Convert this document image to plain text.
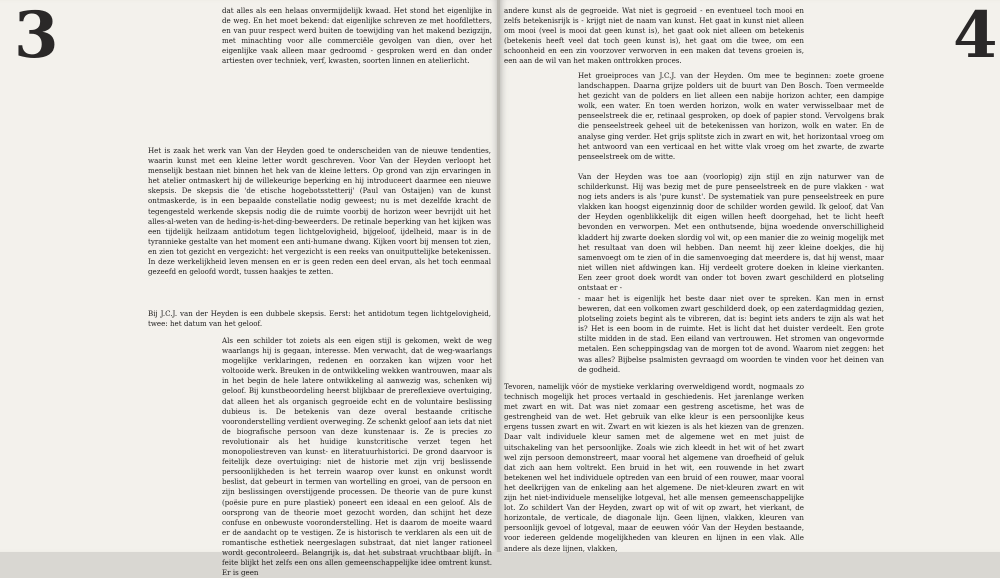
3	dat alles als een helaas onvermijdelijk kwaad. Het stond het eigenlijke in de weg. En het moet bekend: dat eigenlijke schreven ze met hoofdletters, en van puur respect werd buiten de toewijding van het makend bezigzijn, met minachting voor alle commerciële gevolgen van dien, over het eigenlijke vaak alleen maar gedroomd - gesproken werd en dan onder artiesten over techniek, verf, kwasten, soorten linnen en atelierlicht.

Het is zaak het werk van Van der Heyden goed te onderscheiden van de nieuwe tendenties, waarin kunst met een kleine letter wordt geschreven. Voor Van der Heyden verloopt het menselijk bestaan niet binnen het hek van de kleine letters. Op grond van zijn ervaringen in het atelier ontmaskert hij de willekeurige beperking en hij introduceert daarmee een nieuwe skepsis. De skepsis die 'de etische hogebotsstetterij' (Paul van Ostaijen) van de kunst ontmaskerde, is in een bepaalde constellatie nodig geweest; nu is met dezelfde kracht de tegengesteld werkende skepsis nodig die de ruimte voorbij de horizon weer bevrijdt uit het alles-al-weten van de heding-is-het-ding-beweerders. De retinale beperking van het kijken was een tijdelijk heilzaam antidotum tegen lichtgelovigheid, bijgeloof, ijdelheid, maar is in de tyrannieke gestalte van het moment een anti-humane dwang. Kijken voort bij mensen tot zien, en zien tot gezicht en vergezicht: het vergezicht is een reeks van onuitputtelijke betekenissen. In deze werkelijkheid leven mensen en er is geen reden een deel ervan, als het toch eenmaal gezeefd en geloofd wordt, tussen haakjes te zetten.

Bij J.C.J. van der Heyden is een dubbele skepsis. Eerst: het antidotum tegen lichtgelovigheid, twee: het datum van het geloof.

Als een schilder tot zoiets als een eigen stijl is gekomen, wekt de weg waarlangs hij is gegaan, interesse. Men verwacht, dat de weg-waarlangs mogelijke verklaringen, redenen en oorzaken kan wijzen voor het voltooide werk. Breuken in de ontwikkeling wekken wantrouwen, maar als in het begin de hele latere ontwikkeling al aanwezig was, schenken wij geloof. Bij kunstbeoordeling heerst blijkbaar de prereflexieve overtuiging, dat alleen het als organisch gegroeide echt en de voluntaire beslissing dubieus is. De betekenis van deze overal bestaande critische vooronderstelling verdient overweging. Ze schenkt geloof aan iets dat niet de biografische persoon van deze kunstenaar is. Ze is precies zo revolutionair als het huidige kunstcritische verzet tegen het monopoliestreven van kunst- en literatuurhistorici. De grond daarvoor is feitelijk deze overtuiging: niet de historie met zijn vrij beslissende persoonlijkheden is het terrein waarop over kunst en onkunst wordt beslist, dat gebeurt in termen van wortelling en groei, van de persoon en zijn beslissingen overstijgende processen. De theorie van de pure kunst (poësie pure en pure plastiek) poneert een ideaal en een geloof. Als de oorsprong van de theorie moet gezocht worden, dan schijnt het deze confuse en onbewuste vooronderstelling. Het is daarom de moeite waard er de aandacht op te vestigen. Ze is historisch te verklaren als een uit de romantische esthetiek neergeslagen substraat, dat niet langer rationeel wordt gecontroleerd. Belangrijk is, dat het substraat vruchtbaar blijft. In feite blijkt het zelfs een ons allen gemeenschappelijke idee omtrent kunst. Er is geen

4

andere kunst als de gegroeide. Wat niet is gegroeid - en eventueel toch mooi en zelfs betekenisrijk is - krijgt niet de naam van kunst. Het gaat in kunst niet alleen om mooi (veel is mooi dat geen kunst is), het gaat ook niet alleen om betekenis (betekenis heeft veel dat toch geen kunst is), het gaat om die twee, om een schoonheid en een zin voorzover verworven in een maken dat tevens groeien is, een aan de wil van het maken onttrokken proces.

Het groeiproces van J.C.J. van der Heyden. Om mee te beginnen: zoete groene landschappen. Daarna grijze polders uit de buurt van Den Bosch. Toen vermeelde het gezicht van de polders en liet alleen een nabije horizon achter, een dampige wolk, een water. En toen werden horizon, wolk en water verwisselbaar met de penseelstreek die er, retinaal gesproken, op doek of papier stond. Vervolgens brak die penseelstreek geheel uit de betekenissen van horizon, wolk en water. En de analyse ging verder. Het grijs splitste zich in zwart en wit, het horizontaal vroeg om het antwoord van een verticaal en het witte vlak vroeg om het zwarte, de zwarte penseelstreek om de witte.

Van der Heyden was toe aan (voorlopig) zijn stijl en zijn naturwer van de schilderkunst. Hij was bezig met de pure penseelstreek en de pure vlakken - wat nog iets anders is als 'pure kunst'. De systematiek van pure penseelstreek en pure vlakken kan hoogst eigenzinnig door de schilder worden gewild. Ik geloof, dat Van der Heyden ogenblikkelijk dit eigen willen heeft doorgehad, het te licht heeft bevonden en verworpen. Met een onthutsende, bijna woedende onverschilligheid kladdert hij zwarte doeken slordig vol wit, op een manier die zo weinig mogelijk met het resultaat van doen wil hebben. Dan neemt hij zeer kleine doekjes, die hij samenvoegt om te zien of in die samenvoeging dat meerdere is, dat hij wenst, maar niet willen niet afdwingen kan. Hij verdeelt grotere doeken in kleine vierkanten. Een zeer groot doek wordt van onder tot boven zwart geschilderd en plotseling ontstaat er -

- maar het is eigenlijk het beste daar niet over te spreken. Kan men in ernst beweren, dat een volkomen zwart geschilderd doek, op een zaterdagmiddag gezien, plotseling zoiets begint als te vibreren, dat is: begint iets anders te zijn als wat het is? Het is een boom in de ruimte. Het is licht dat het duister verdeelt. Een grote stilte midden in de stad. Een eiland van vertrouwen. Het stromen van ongevormde metalen. Een scheppingsdag van de morgen tot de avond. Waarom niet zeggen: het was alles? Bijbelse psalmisten gevraagd om woorden te vinden voor het deinen van de godheid.

Tevoren, namelijk vóór de mystieke verklaring overweldigend wordt, nogmaals zo technisch mogelijk het proces vertaald in geschiedenis. Het jarenlange werken met zwart en wit. Dat was niet zomaar een gestreng ascetisme, het was de gestrengheid van de wet. Het gebruik van elke kleur is een persoonlijke keus ergens tussen zwart en wit. Zwart en wit kiezen is als het kiezen van de grenzen. Daar valt individuele kleur samen met de algemene wet en met juist de uitschakeling van het persoonlijke. Zoals wie zich kleedt in het wit of het zwart wel zijn persoon demonstreert, maar vooral het algemene van droefheid of geluk dat zich aan hem voltrekt. Een bruid in het wit, een rouwende in het zwart betekenen wel het individuele optreden van een bruid of een rouwer, maar vooral het deelkrijgen van de enkeling aan het algemene. De niet-kleuren zwart en wit zijn het niet-individuele menselijke lotgeval, het alle mensen gemeenschappelijke lot. Zo schildert Van der Heyden, zwart op wit of wit op zwart, het vierkant, de horizontale, de verticale, de diagonale lijn. Geen lijnen, vlakken, kleuren van persoonlijk gevoel of lotgeval, maar de eeuwen vóór Van der Heyden bestaande, voor iedereen geldende mogelijkheden van kleuren en lijnen in een vlak. Alle andere als deze lijnen, vlakken,
